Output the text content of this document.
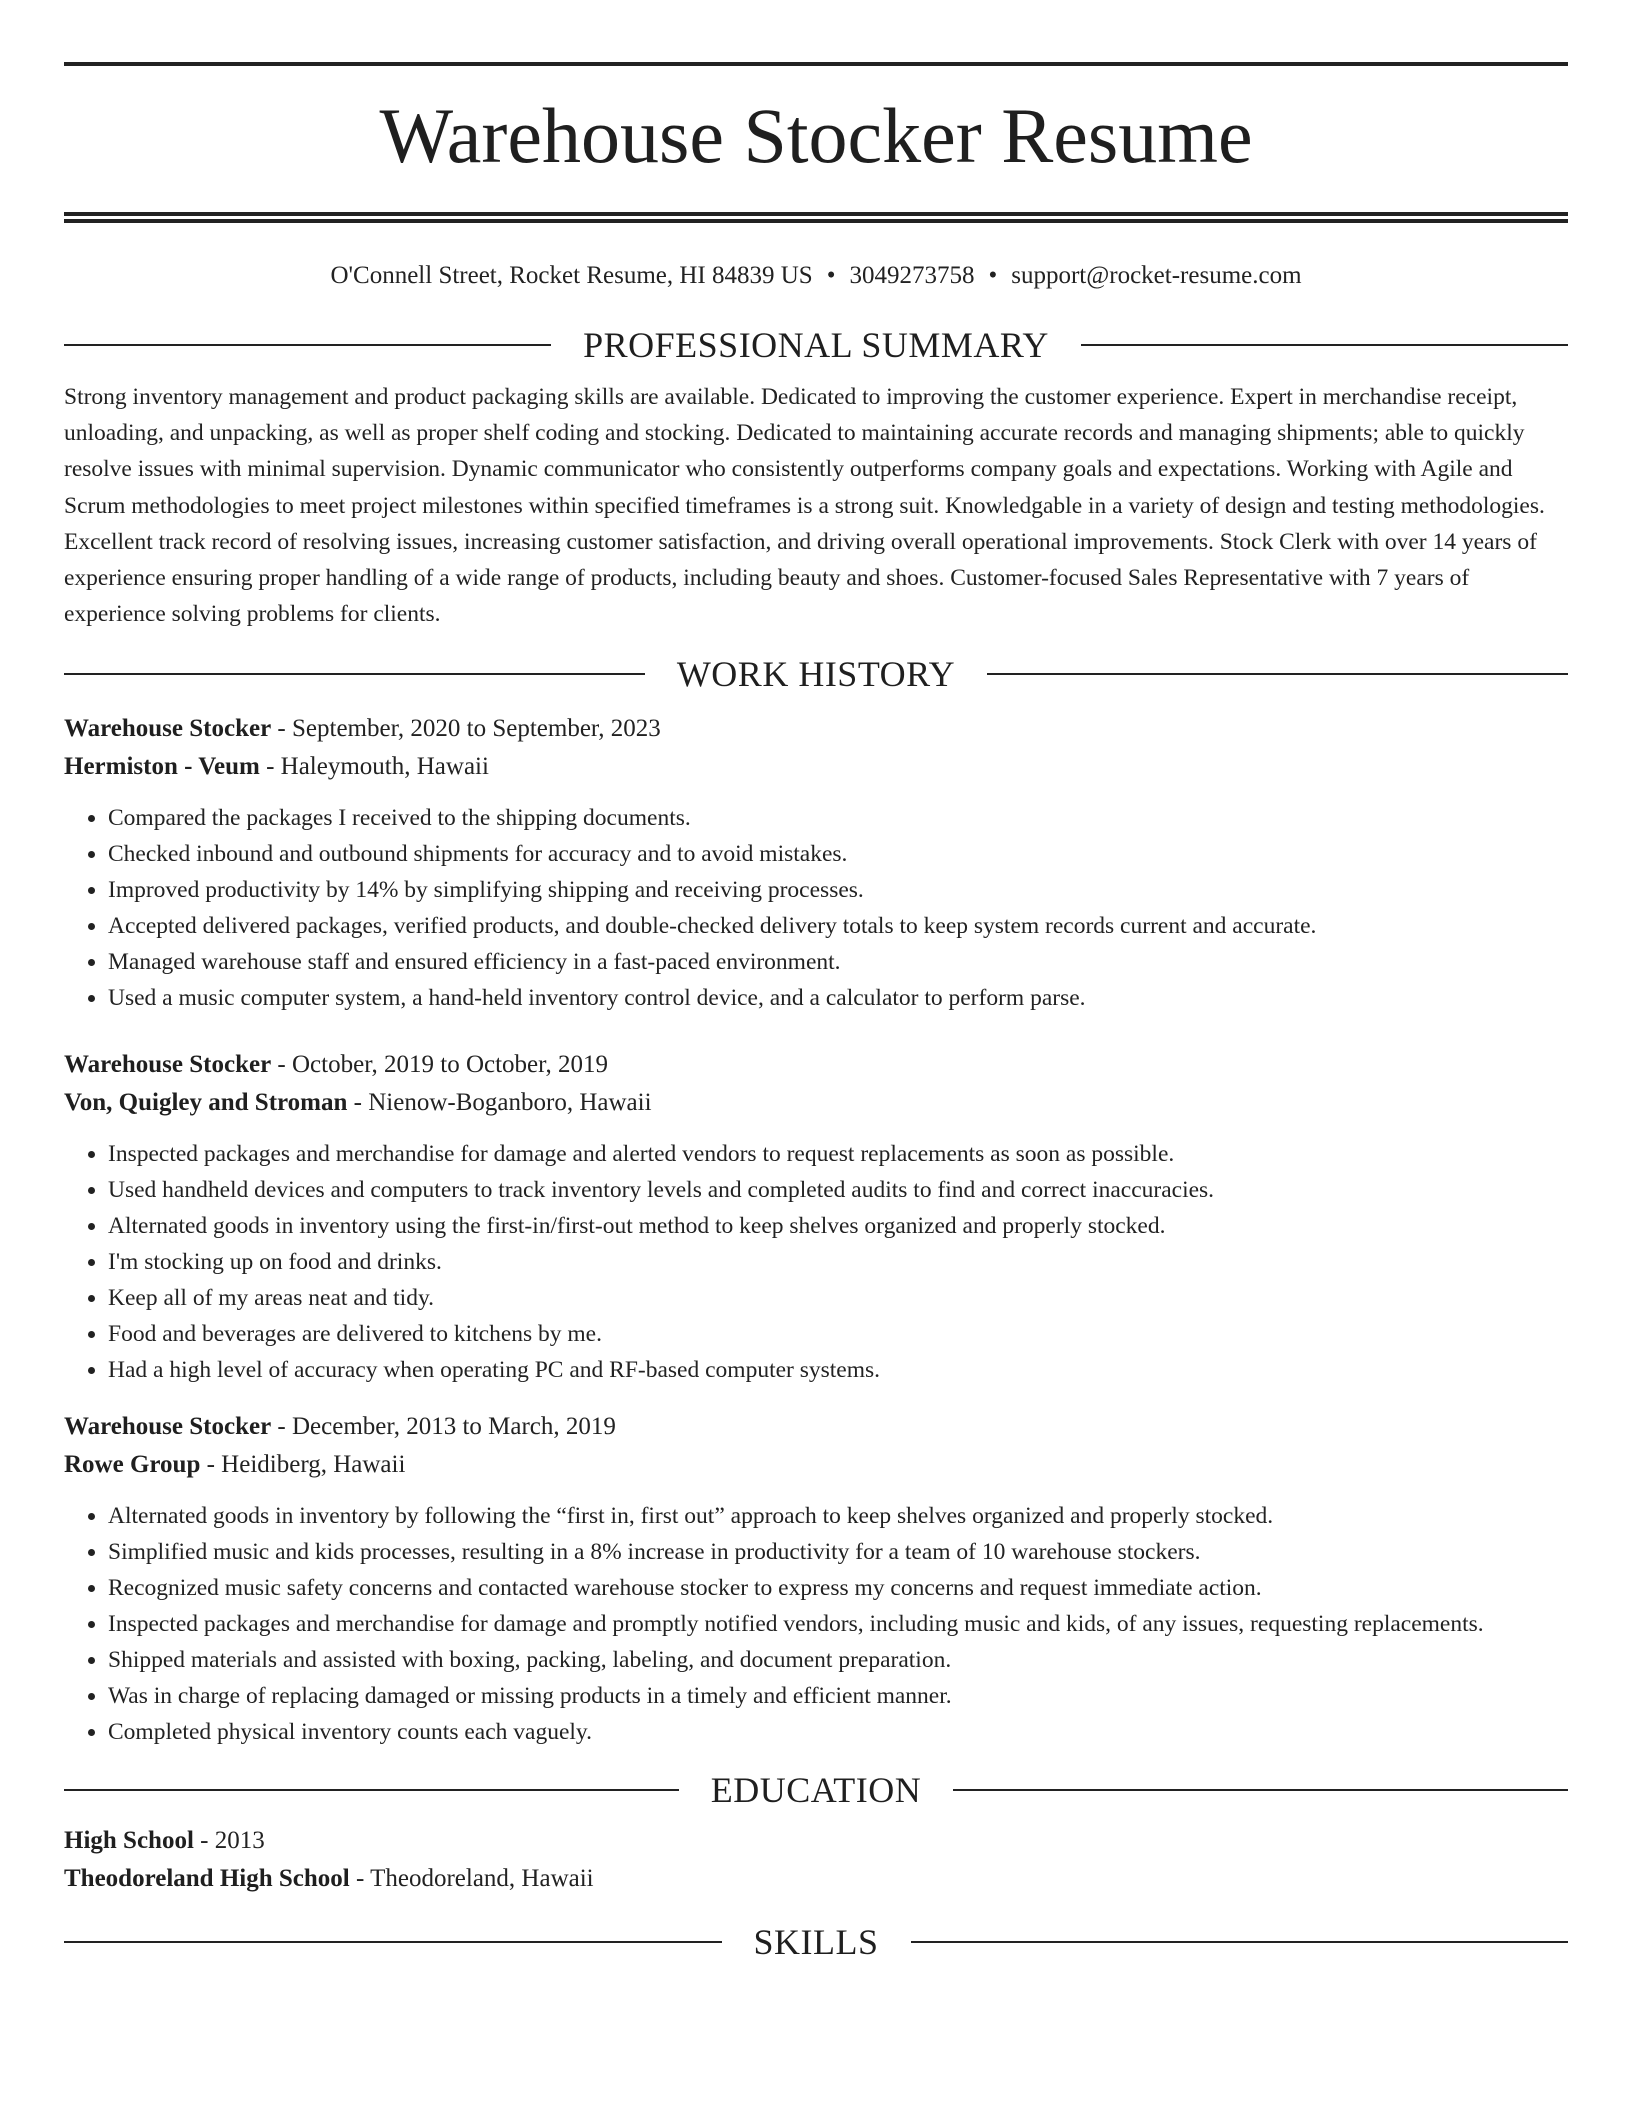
Warehouse Stocker Resume
O'Connell Street, Rocket Resume, HI 84839 US • 3049273758 • support@rocket-resume.com
PROFESSIONAL SUMMARY

Strong inventory management and product packaging skills are available. Dedicated to improving the customer experience. Expert in merchandise receipt, unloading, and unpacking, as well as proper shelf coding and stocking. Dedicated to maintaining accurate records and managing shipments; able to quickly resolve issues with minimal supervision. Dynamic communicator who consistently outperforms company goals and expectations. Working with Agile and Scrum methodologies to meet project milestones within specified timeframes is a strong suit. Knowledgable in a variety of design and testing methodologies. Excellent track record of resolving issues, increasing customer satisfaction, and driving overall operational improvements. Stock Clerk with over 14 years of experience ensuring proper handling of a wide range of products, including beauty and shoes. Customer-focused Sales Representative with 7 years of experience solving problems for clients.

WORK HISTORY

Warehouse Stocker - September, 2020 to September, 2023

Hermiston - Veum - Haleymouth, Hawaii

• Compared the packages I received to the shipping documents.
• Checked inbound and outbound shipments for accuracy and to avoid mistakes.
• Improved productivity by 14% by simplifying shipping and receiving processes.
• Accepted delivered packages, verified products, and double-checked delivery totals to keep system records current and accurate.
• Managed warehouse staff and ensured efficiency in a fast-paced environment.
• Used a music computer system, a hand-held inventory control device, and a calculator to perform parse.

Warehouse Stocker - October, 2019 to October, 2019

Von, Quigley and Stroman - Nienow-Boganboro, Hawaii

• Inspected packages and merchandise for damage and alerted vendors to request replacements as soon as possible.
• Used handheld devices and computers to track inventory levels and completed audits to find and correct inaccuracies.
• Alternated goods in inventory using the first-in/first-out method to keep shelves organized and properly stocked.
• I'm stocking up on food and drinks.
• Keep all of my areas neat and tidy.
• Food and beverages are delivered to kitchens by me.
• Had a high level of accuracy when operating PC and RF-based computer systems.

Warehouse Stocker - December, 2013 to March, 2019

Rowe Group - Heidiberg, Hawaii

• Alternated goods in inventory by following the “first in, first out” approach to keep shelves organized and properly stocked.
• Simplified music and kids processes, resulting in a 8% increase in productivity for a team of 10 warehouse stockers.
• Recognized music safety concerns and contacted warehouse stocker to express my concerns and request immediate action.
• Inspected packages and merchandise for damage and promptly notified vendors, including music and kids, of any issues, requesting replacements.
• Shipped materials and assisted with boxing, packing, labeling, and document preparation.
• Was in charge of replacing damaged or missing products in a timely and efficient manner.
• Completed physical inventory counts each vaguely.
EDUCATION

High School - 2013

Theodoreland High School - Theodoreland, Hawaii

SKILLS
